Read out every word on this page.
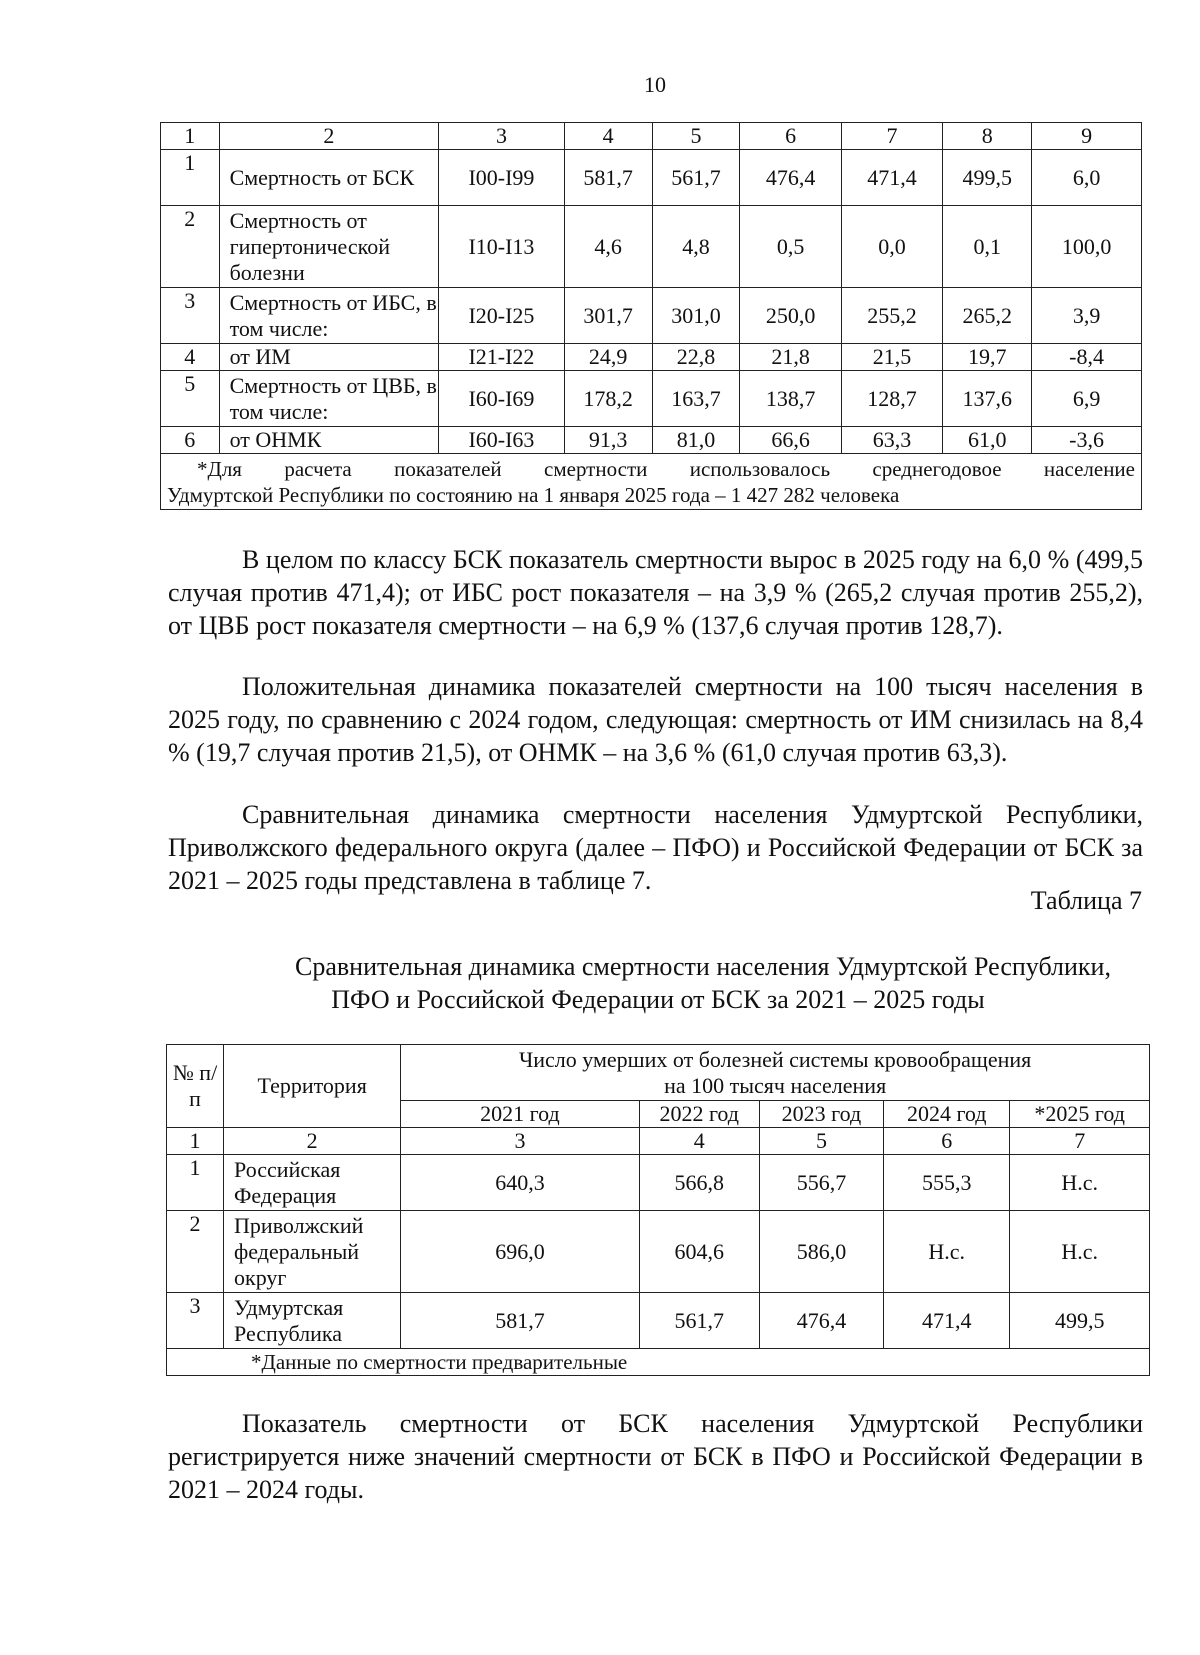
10
1	2	3	4	5	6	7	8	9
1	Смертность от БСК	I00-I99	581,7	561,7	476,4	471,4	499,5	6,0
2	Смертность от гипертонической болезни	I10-I13	4,6	4,8	0,5	0,0	0,1	100,0
3	Смертность от ИБС, в том числе:	I20-I25	301,7	301,0	250,0	255,2	265,2	3,9
4	от ИМ	I21-I22	24,9	22,8	21,8	21,5	19,7	-8,4
5	Смертность от ЦВБ, в том числе:	I60-I69	178,2	163,7	138,7	128,7	137,6	6,9
6	от ОНМК	I60-I63	91,3	81,0	66,6	63,3	61,0	-3,6

*Для расчета показателей смертности использовалось среднегодовое население
Удмуртской Республики по состоянию на 1 января 2025 года – 1 427 282 человека								

В целом по классу БСК показатель смертности вырос в 2025 году на 6,0 % (499,5 случая против 471,4); от ИБС рост показателя – на 3,9 % (265,2 случая против 255,2), от ЦВБ рост показателя смертности – на 6,9 % (137,6 случая против 128,7).

Положительная динамика показателей смертности на 100 тысяч населения в 2025 году, по сравнению с 2024 годом, следующая: смертность от ИМ снизилась на 8,4 % (19,7 случая против 21,5), от ОНМК – на 3,6 % (61,0 случая против 63,3).

Сравнительная динамика смертности населения Удмуртской Республики, Приволжского федерального округа (далее – ПФО) и Российской Федерации от БСК за 2021 – 2025 годы представлена в таблице 7.

Таблица 7
Сравнительная динамика смертности населения Удмуртской Республики,
ПФО и Российской Федерации от БСК за 2021 – 2025 годы
№ п/п	Территория	Число умерших от болезней системы кровообращения
на 100 тысяч населения				

		2021 год	2022 год	2023 год	2024 год	*2025 год
1	2	3	4	5	6	7
1	Российская Федерация	640,3	566,8	556,7	555,3	Н.с.
2	Приволжский федеральный округ	696,0	604,6	586,0	Н.с.	Н.с.
3	Удмуртская Республика	581,7	561,7	476,4	471,4	499,5
*Данные по смертности предварительные						

Показатель смертности от БСК населения Удмуртской Республики регистрируется ниже значений смертности от БСК в ПФО и Российской Федерации в 2021 – 2024 годы.
